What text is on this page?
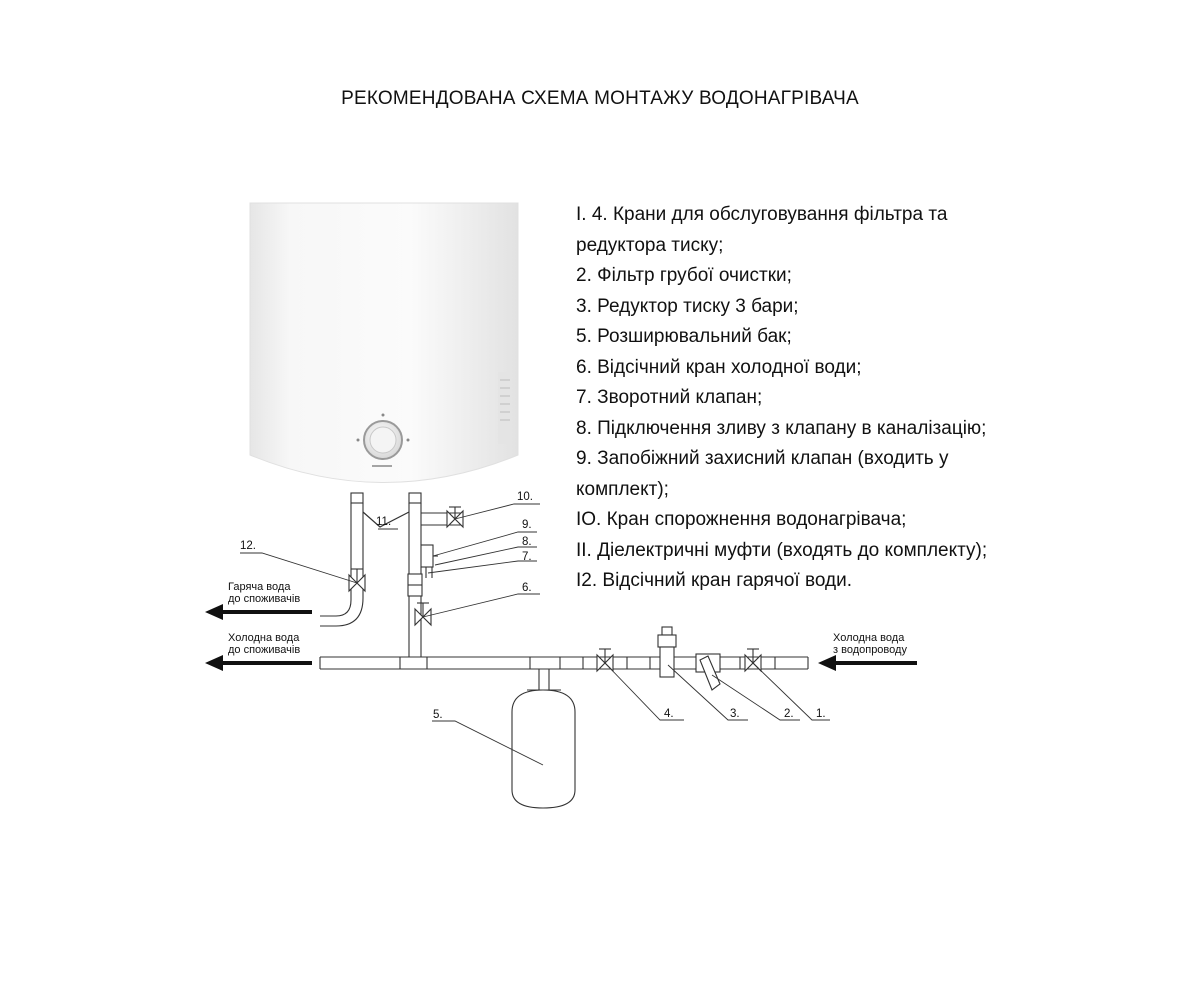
РЕКОМЕНДОВАНА СХЕМА МОНТАЖУ ВОДОНАГРІВАЧА
I. 4. Крани для обслуговування фільтра та
редуктора тиску;
2. Фільтр грубої очистки;
3. Редуктор тиску 3 бари;
5. Розширювальний бак;
6. Відсічний кран холодної води;
7. Зворотний клапан;
8. Підключення зливу з клапану в каналізацію;
9. Запобіжний захисний клапан (входить у
комплект);
IO. Кран спорожнення водонагрівача;
II. Діелектричні муфти (входять до комплекту);
I2. Відсічний кран гарячої води.
12.
11.
10.
9.
8.
7.
6.
4.	3.	2. 1.
5.
Гаряча вода
до споживачів
Холодна вода
до споживачів
Холодна вода
з водопроводу
